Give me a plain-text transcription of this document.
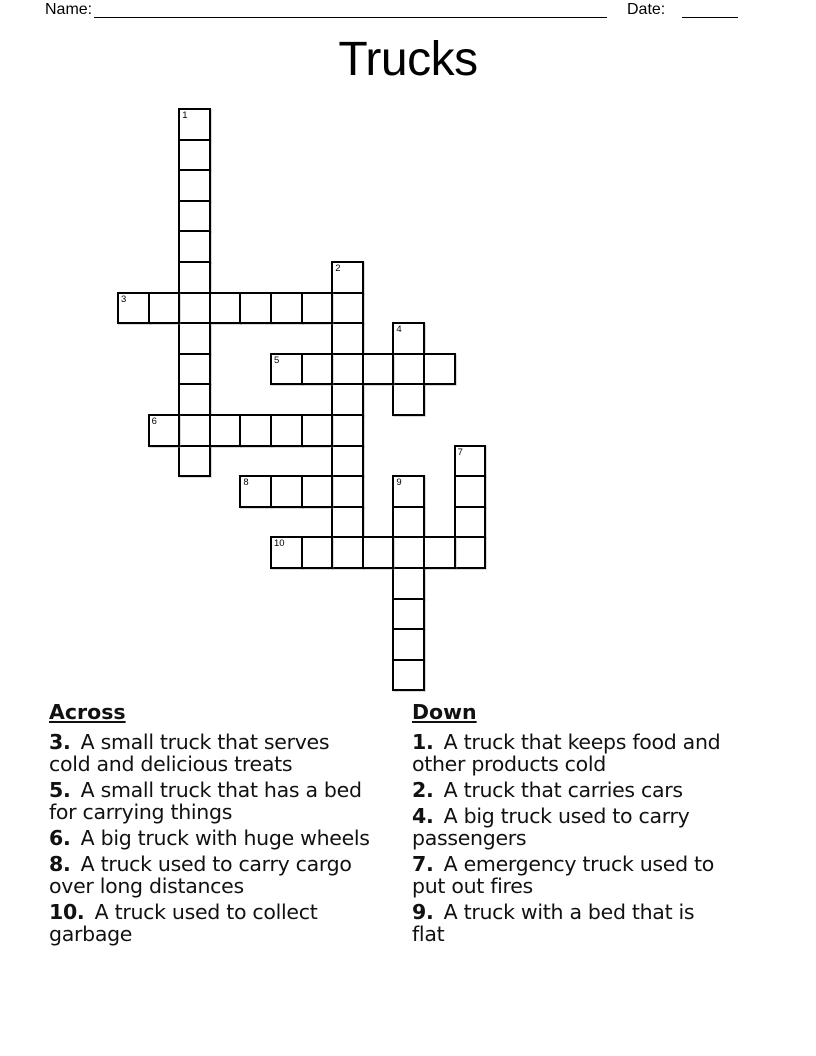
Name:	Date:
Trucks
1
2
3
4
5
6
7
8	9
10
Across

3. A small truck that serves
cold and delicious treats

5. A small truck that has a bed
for carrying things

6. A big truck with huge wheels

8. A truck used to carry cargo
over long distances

10. A truck used to collect
garbage

Down

1. A truck that keeps food and
other products cold

2. A truck that carries cars

4. A big truck used to carry
passengers

7. A emergency truck used to
put out fires

9. A truck with a bed that is
flat
